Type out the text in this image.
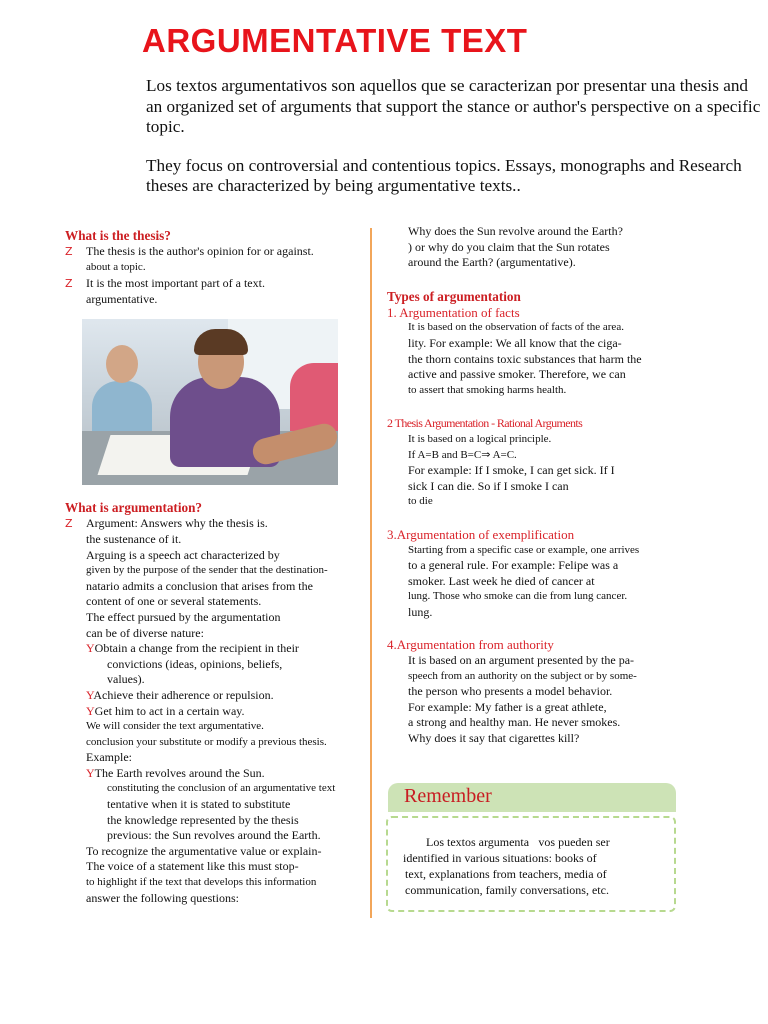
ARGUMENTATIVE TEXT

Los textos argumentativos son aquellos que se caracterizan por presentar una thesis and an organized set of arguments that support the stance or author's perspective on a specific topic.

They focus on controversial and contentious topics. Essays, monographs and Research theses are characterized by being argumentative texts..

What is the thesis?

Z The thesis is the author's opinion for or against.

about a topic.

Z It is the most important part of a text.

argumentative.

What is argumentation?

Z Argument: Answers why the thesis is.

the sustenance of it.

Arguing is a speech act characterized by

given by the purpose of the sender that the destination-

natario admits a conclusion that arises from the

content of one or several statements.

The effect pursued by the argumentation

can be of diverse nature:

YObtain a change from the recipient in their

convictions (ideas, opinions, beliefs,

values).

YAchieve their adherence or repulsion.

YGet him to act in a certain way.

We will consider the text argumentative.

conclusion your substitute or modify a previous thesis.

Example:

YThe Earth revolves around the Sun.

constituting the conclusion of an argumentative text

tentative when it is stated to substitute

the knowledge represented by the thesis

previous: the Sun revolves around the Earth.

To recognize the argumentative value or explain-

The voice of a statement like this must stop-

to highlight if the text that develops this information

answer the following questions:

Why does the Sun revolve around the Earth?

) or why do you claim that the Sun rotates

around the Earth? (argumentative).

Types of argumentation

1. Argumentation of facts

It is based on the observation of facts of the area.

lity. For example: We all know that the ciga-

the thorn contains toxic substances that harm the

active and passive smoker. Therefore, we can

to assert that smoking harms health.

2 Thesis Argumentation - Rational Arguments

It is based on a logical principle.

If A=B and B=C⇒ A=C.

For example: If I smoke, I can get sick. If I

sick I can die. So if I smoke I can

to die

3.Argumentation of exemplification

Starting from a specific case or example, one arrives

to a general rule. For example: Felipe was a

smoker. Last week he died of cancer at

lung. Those who smoke can die from lung cancer.

lung.

4.Argumentation from authority

It is based on an argument presented by the pa-

speech from an authority on the subject or by some-

the person who presents a model behavior.

For example: My father is a great athlete,

a strong and healthy man. He never smokes.

Why does it say that cigarettes kill?

Remember

Los textos argumenta vos pueden ser

identified in various situations: books of

text, explanations from teachers, media of

communication, family conversations, etc.
